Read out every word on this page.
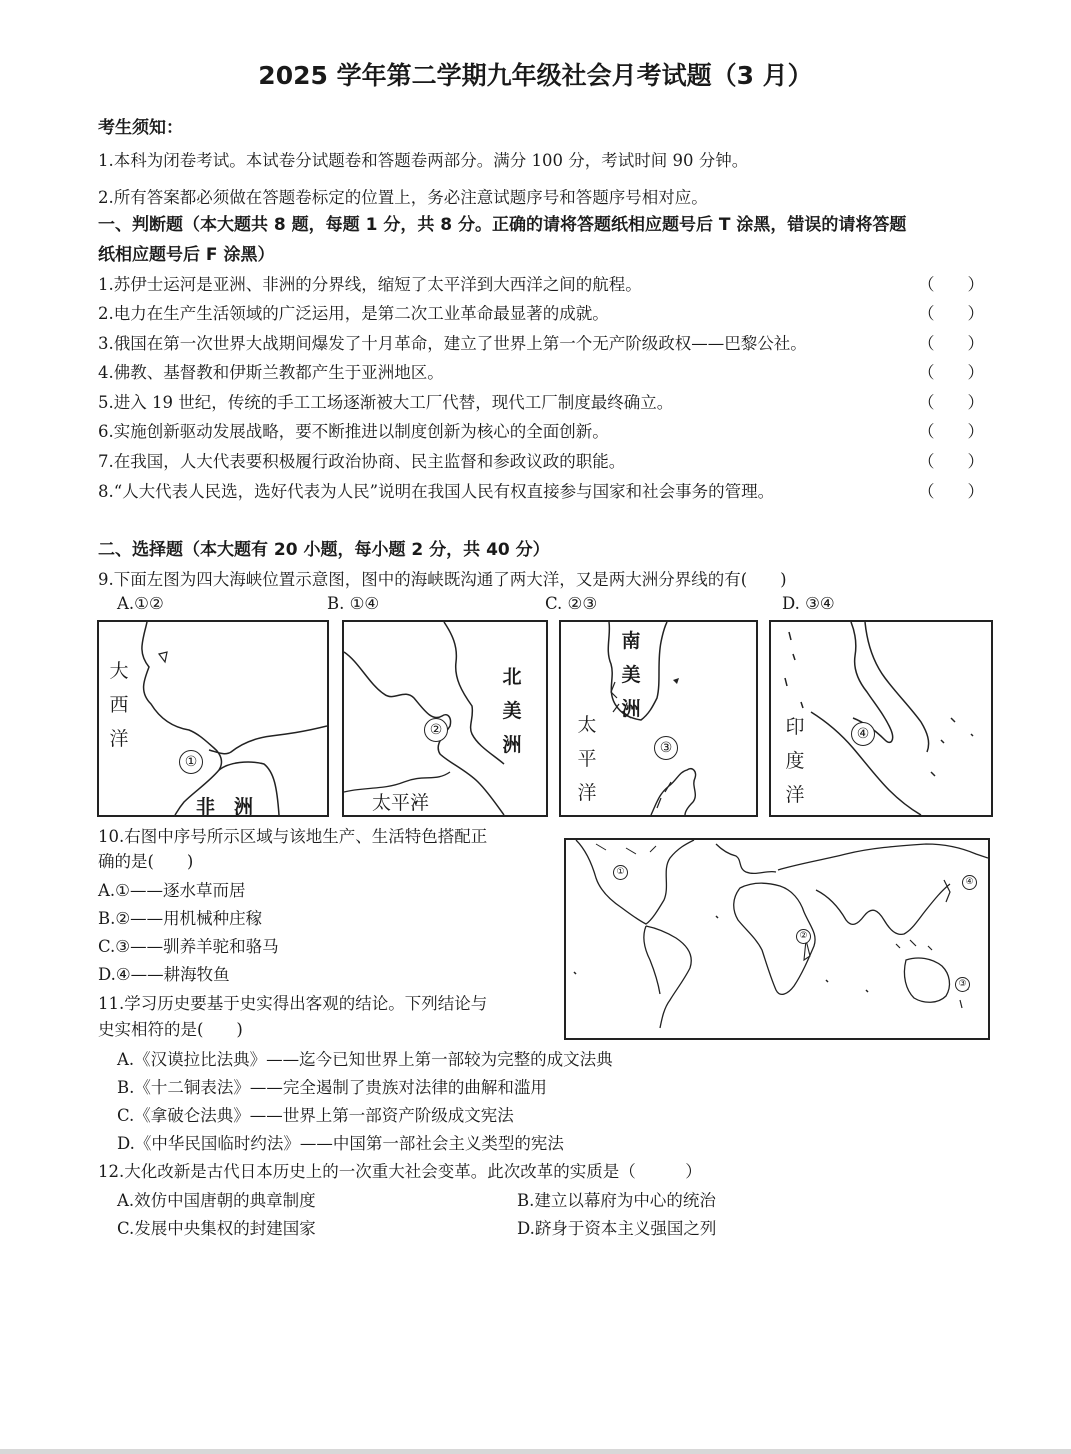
2025 学年第二学期九年级社会月考试题（3 月）
考生须知：
1.本科为闭卷考试。本试卷分试题卷和答题卷两部分。满分 100 分，考试时间 90 分钟。
2.所有答案都必须做在答题卷标定的位置上，务必注意试题序号和答题序号相对应。
一、判断题（本大题共 8 题，每题 1 分，共 8 分。正确的请将答题纸相应题号后 T 涂黑，错误的请将答题
纸相应题号后 F 涂黑）
1.苏伊士运河是亚洲、非洲的分界线，缩短了太平洋到大西洋之间的航程。	（　　）
2.电力在生产生活领域的广泛运用，是第二次工业革命最显著的成就。	（　　）
3.俄国在第一次世界大战期间爆发了十月革命，建立了世界上第一个无产阶级政权——巴黎公社。	（　　）
4.佛教、基督教和伊斯兰教都产生于亚洲地区。	（　　）
5.进入 19 世纪，传统的手工工场逐渐被大工厂代替，现代工厂制度最终确立。	（　　）
6.实施创新驱动发展战略，要不断推进以制度创新为核心的全面创新。	（　　）
7.在我国，人大代表要积极履行政治协商、民主监督和参政议政的职能。	（　　）
8.“人大代表人民选，选好代表为人民”说明在我国人民有权直接参与国家和社会事务的管理。	（　　）
二、选择题（本大题有 20 小题，每小题 2 分，共 40 分）
9.下面左图为四大海峡位置示意图，图中的海峡既沟通了两大洋，又是两大洲分界线的有(　　)
A.①②	B. ①④	C. ②③	D. ③④
大西洋
①
非　洲
北美洲
②
太平洋
南美洲
③
太平洋
印度洋
④
10.右图中序号所示区域与该地生产、生活特色搭配正
确的是(　　)
A.①——逐水草而居
B.②——用机械种庄稼
C.③——驯养羊驼和骆马
D.④——耕海牧鱼
①
②
③
④
11.学习历史要基于史实得出客观的结论。下列结论与
史实相符的是(　　)
A.《汉谟拉比法典》——迄今已知世界上第一部较为完整的成文法典
B.《十二铜表法》——完全遏制了贵族对法律的曲解和滥用
C.《拿破仑法典》——世界上第一部资产阶级成文宪法
D.《中华民国临时约法》——中国第一部社会主义类型的宪法
12.大化改新是古代日本历史上的一次重大社会变革。此次改革的实质是（　　　）
A.效仿中国唐朝的典章制度	B.建立以幕府为中心的统治
C.发展中央集权的封建国家	D.跻身于资本主义强国之列
